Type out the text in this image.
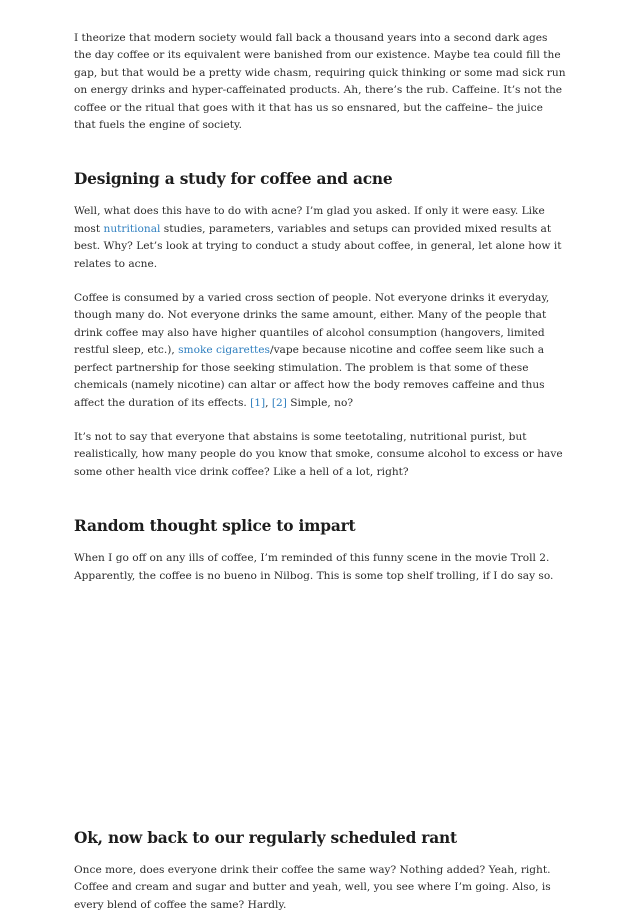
I theorize that modern society would fall back a thousand years into a second dark ages the day coffee or its equivalent were banished from our existence. Maybe tea could fill the gap, but that would be a pretty wide chasm, requiring quick thinking or some mad sick run on energy drinks and hyper-caffeinated products. Ah, there’s the rub. Caffeine. It’s not the coffee or the ritual that goes with it that has us so ensnared, but the caffeine– the juice that fuels the engine of society.

Designing a study for coffee and acne

Well, what does this have to do with acne? I’m glad you asked. If only it were easy. Like most nutritional studies, parameters, variables and setups can provided mixed results at best. Why? Let’s look at trying to conduct a study about coffee, in general, let alone how it relates to acne.

Coffee is consumed by a varied cross section of people. Not everyone drinks it everyday, though many do. Not everyone drinks the same amount, either. Many of the people that drink coffee may also have higher quantiles of alcohol consumption (hangovers, limited restful sleep, etc.), smoke cigarettes/vape because nicotine and coffee seem like such a perfect partnership for those seeking stimulation. The problem is that some of these chemicals (namely nicotine) can altar or affect how the body removes caffeine and thus affect the duration of its effects. [1], [2] Simple, no?

It’s not to say that everyone that abstains is some teetotaling, nutritional purist, but realistically, how many people do you know that smoke, consume alcohol to excess or have some other health vice drink coffee? Like a hell of a lot, right?

Random thought splice to impart

When I go off on any ills of coffee, I’m reminded of this funny scene in the movie Troll 2. Apparently, the coffee is no bueno in Nilbog. This is some top shelf trolling, if I do say so.

Ok, now back to our regularly scheduled rant

Once more, does everyone drink their coffee the same way? Nothing added? Yeah, right. Coffee and cream and sugar and butter and yeah, well, you see where I’m going. Also, is every blend of coffee the same? Hardly.
